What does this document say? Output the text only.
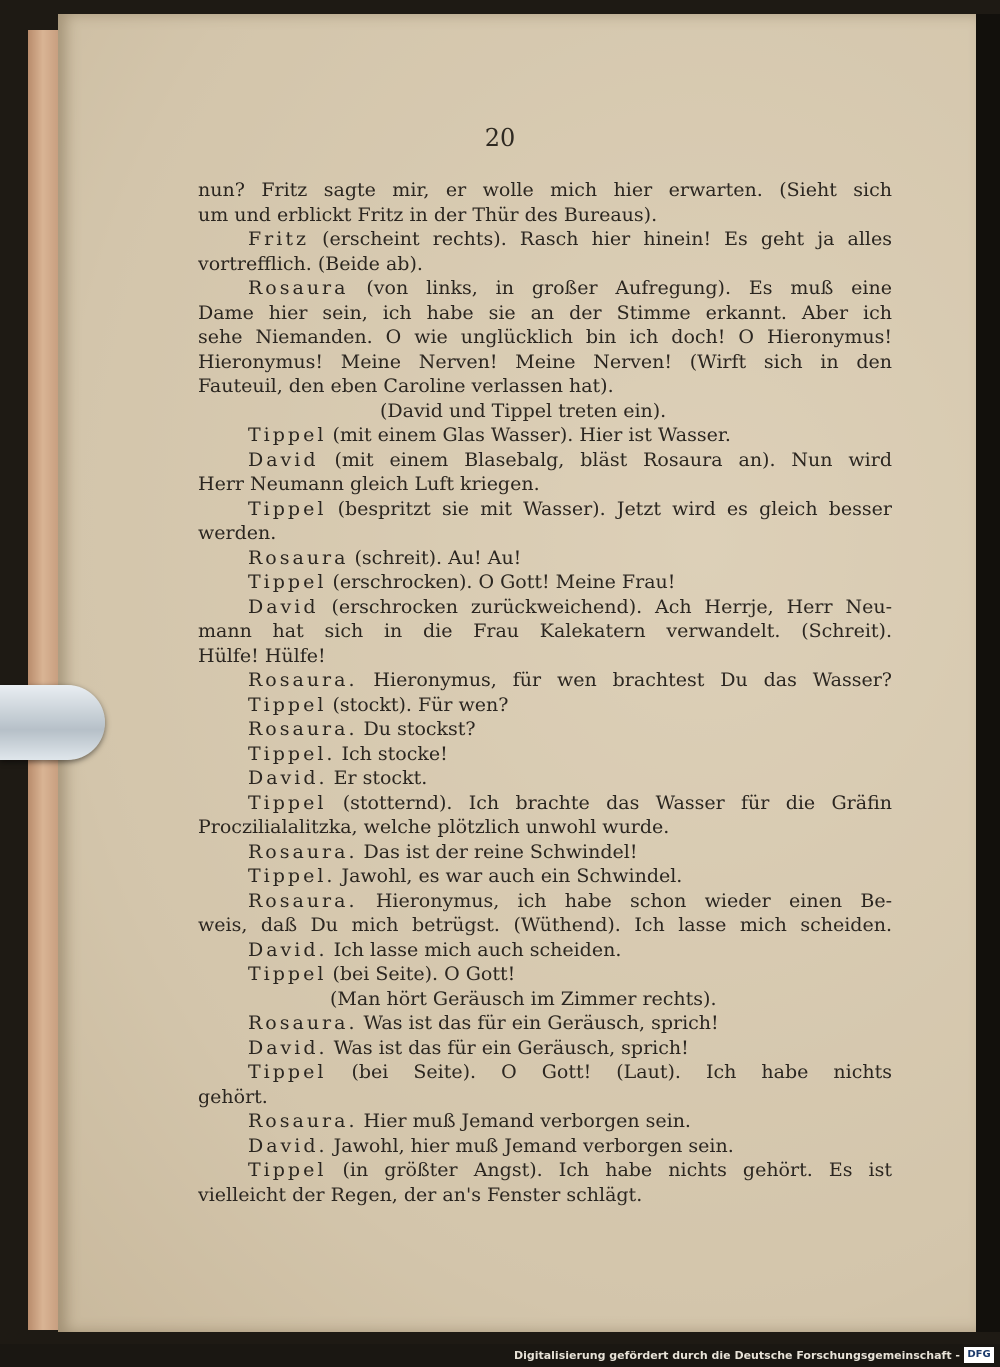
20
nun? Fritz sagte mir, er wolle mich hier erwarten. (Sieht sich
um und erblickt Fritz in der Thür des Bureaus).
Fritz (erscheint rechts). Rasch hier hinein! Es geht ja alles
vortrefflich. (Beide ab).
Rosaura (von links, in großer Aufregung). Es muß eine
Dame hier sein, ich habe sie an der Stimme erkannt. Aber ich
sehe Niemanden. O wie unglücklich bin ich doch! O Hieronymus!
Hieronymus! Meine Nerven! Meine Nerven! (Wirft sich in den
Fauteuil, den eben Caroline verlassen hat).
(David und Tippel treten ein).
Tippel (mit einem Glas Wasser). Hier ist Wasser.
David (mit einem Blasebalg, bläst Rosaura an). Nun wird
Herr Neumann gleich Luft kriegen.
Tippel (bespritzt sie mit Wasser). Jetzt wird es gleich besser
werden.
Rosaura (schreit). Au! Au!
Tippel (erschrocken). O Gott! Meine Frau!
David (erschrocken zurückweichend). Ach Herrje, Herr Neu-
mann hat sich in die Frau Kalekatern verwandelt. (Schreit).
Hülfe! Hülfe!
Rosaura. Hieronymus, für wen brachtest Du das Wasser?
Tippel (stockt). Für wen?
Rosaura. Du stockst?
Tippel. Ich stocke!
David. Er stockt.
Tippel (stotternd). Ich brachte das Wasser für die Gräfin
Proczilialalitzka, welche plötzlich unwohl wurde.
Rosaura. Das ist der reine Schwindel!
Tippel. Jawohl, es war auch ein Schwindel.
Rosaura. Hieronymus, ich habe schon wieder einen Be-
weis, daß Du mich betrügst. (Wüthend). Ich lasse mich scheiden.
David. Ich lasse mich auch scheiden.
Tippel (bei Seite). O Gott!
(Man hört Geräusch im Zimmer rechts).
Rosaura. Was ist das für ein Geräusch, sprich!
David. Was ist das für ein Geräusch, sprich!
Tippel (bei Seite). O Gott! (Laut). Ich habe nichts
gehört.
Rosaura. Hier muß Jemand verborgen sein.
David. Jawohl, hier muß Jemand verborgen sein.
Tippel (in größter Angst). Ich habe nichts gehört. Es ist
vielleicht der Regen, der an's Fenster schlägt.
Digitalisierung gefördert durch die Deutsche Forschungsgemeinschaft - DFG
